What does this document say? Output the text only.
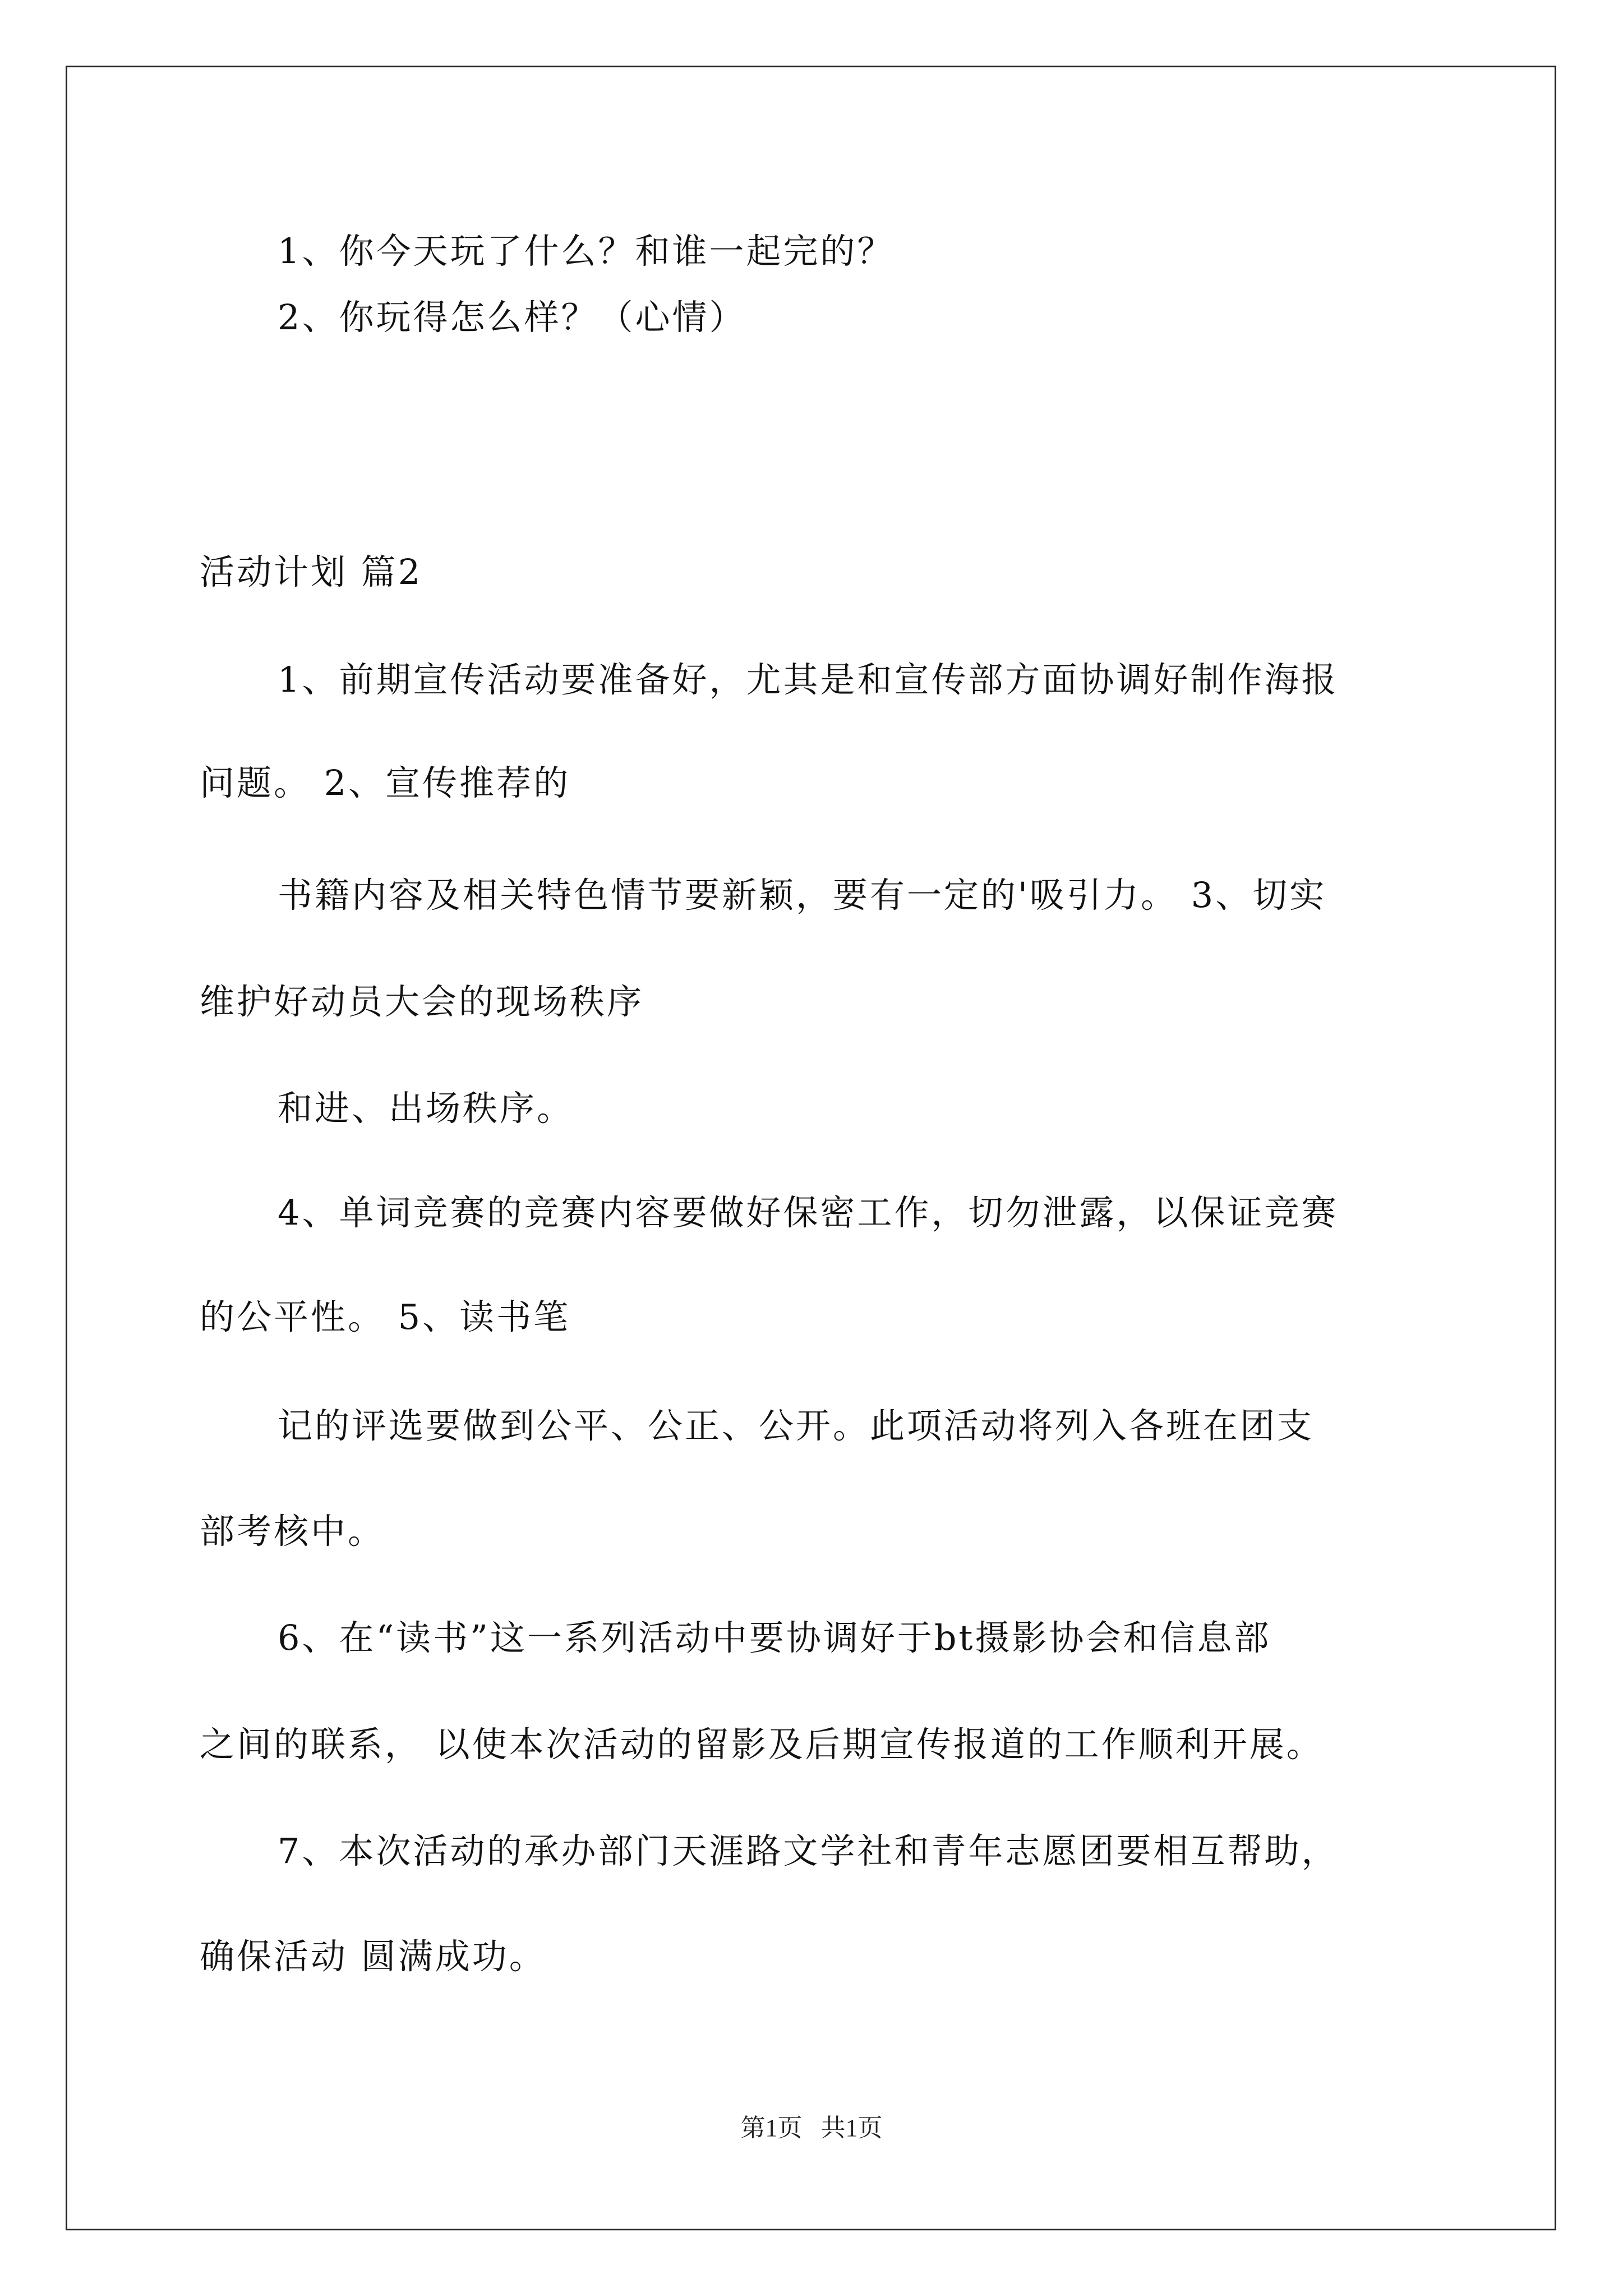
1、你今天玩了什么？和谁一起完的？
2、你玩得怎么样？（心情）
活动计划 篇2
1、前期宣传活动要准备好，尤其是和宣传部方面协调好制作海报
问题。 2、宣传推荐的
书籍内容及相关特色情节要新颖，要有一定的'吸引力。 3、切实
维护好动员大会的现场秩序
和进、出场秩序。
4、单词竞赛的竞赛内容要做好保密工作，切勿泄露，以保证竞赛
的公平性。 5、读书笔
记的评选要做到公平、公正、公开。此项活动将列入各班在团支
部考核中。
6、在“读书”这一系列活动中要协调好于bt摄影协会和信息部
之间的联系， 以使本次活动的留影及后期宣传报道的工作顺利开展。
7、本次活动的承办部门天涯路文学社和青年志愿团要相互帮助，
确保活动 圆满成功。
第1页   共1页
